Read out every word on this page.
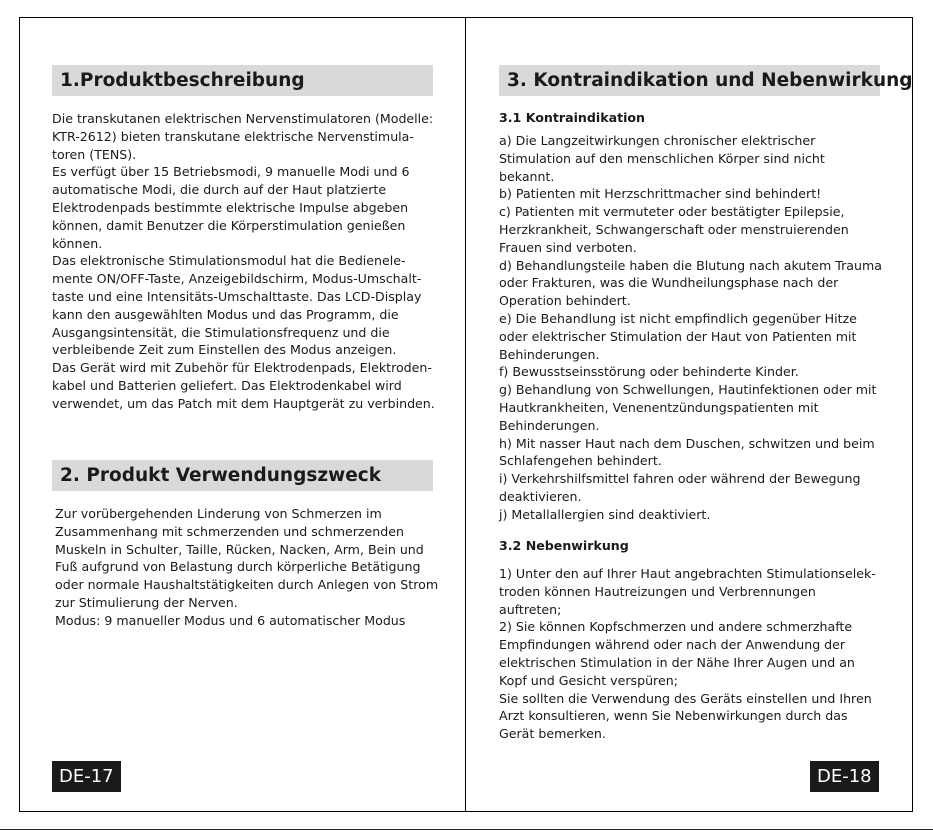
1.Produktbeschreibung

Die transkutanen elektrischen Nervenstimulatoren (Modelle:

KTR-2612) bieten transkutane elektrische Nervenstimula-

toren (TENS).

Es verfügt über 15 Betriebsmodi, 9 manuelle Modi und 6

automatische Modi, die durch auf der Haut platzierte

Elektrodenpads bestimmte elektrische Impulse abgeben

können, damit Benutzer die Körperstimulation genießen

können.

Das elektronische Stimulationsmodul hat die Bedienele-

mente ON/OFF-Taste, Anzeigebildschirm, Modus-Umschalt-

taste und eine Intensitäts-Umschalttaste. Das LCD-Display

kann den ausgewählten Modus und das Programm, die

Ausgangsintensität, die Stimulationsfrequenz und die

verbleibende Zeit zum Einstellen des Modus anzeigen.

Das Gerät wird mit Zubehör für Elektrodenpads, Elektroden-

kabel und Batterien geliefert. Das Elektrodenkabel wird

verwendet, um das Patch mit dem Hauptgerät zu verbinden.

2. Produkt Verwendungszweck

Zur vorübergehenden Linderung von Schmerzen im

Zusammenhang mit schmerzenden und schmerzenden

Muskeln in Schulter, Taille, Rücken, Nacken, Arm, Bein und

Fuß aufgrund von Belastung durch körperliche Betätigung

oder normale Haushaltstätigkeiten durch Anlegen von Strom

zur Stimulierung der Nerven.

Modus: 9 manueller Modus und 6 automatischer Modus

DE-17
3. Kontraindikation und Nebenwirkung
3.1 Kontraindikation

a) Die Langzeitwirkungen chronischer elektrischer

Stimulation auf den menschlichen Körper sind nicht

bekannt.

b) Patienten mit Herzschrittmacher sind behindert!

c) Patienten mit vermuteter oder bestätigter Epilepsie,

Herzkrankheit, Schwangerschaft oder menstruierenden

Frauen sind verboten.

d) Behandlungsteile haben die Blutung nach akutem Trauma

oder Frakturen, was die Wundheilungsphase nach der

Operation behindert.

e) Die Behandlung ist nicht empfindlich gegenüber Hitze

oder elektrischer Stimulation der Haut von Patienten mit

Behinderungen.

f) Bewusstseinsstörung oder behinderte Kinder.

g) Behandlung von Schwellungen, Hautinfektionen oder mit

Hautkrankheiten, Venenentzündungspatienten mit

Behinderungen.

h) Mit nasser Haut nach dem Duschen, schwitzen und beim

Schlafengehen behindert.

i) Verkehrshilfsmittel fahren oder während der Bewegung

deaktivieren.

j) Metallallergien sind deaktiviert.

3.2 Nebenwirkung

1) Unter den auf Ihrer Haut angebrachten Stimulationselek-

troden können Hautreizungen und Verbrennungen

auftreten;

2) Sie können Kopfschmerzen und andere schmerzhafte

Empfindungen während oder nach der Anwendung der

elektrischen Stimulation in der Nähe Ihrer Augen und an

Kopf und Gesicht verspüren;

Sie sollten die Verwendung des Geräts einstellen und Ihren

Arzt konsultieren, wenn Sie Nebenwirkungen durch das

Gerät bemerken.

DE-18
